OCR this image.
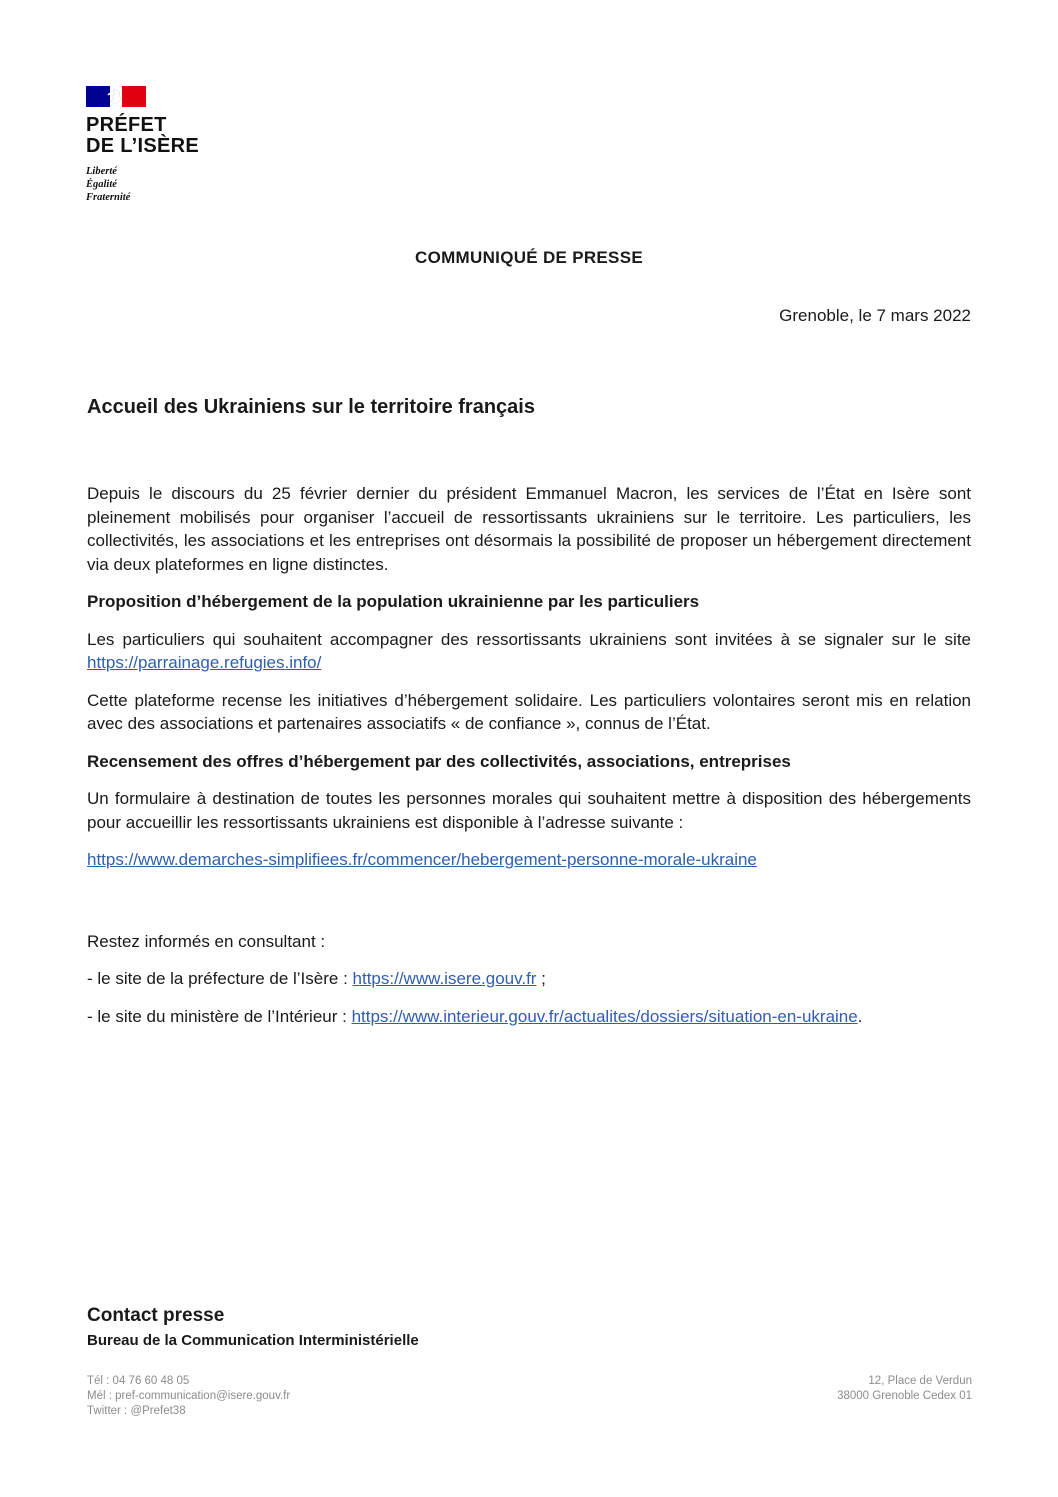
PRÉFET
DE L’ISÈRE
Liberté
Égalité
Fraternité
COMMUNIQUÉ DE PRESSE
Grenoble, le 7 mars 2022
Accueil des Ukrainiens sur le territoire français

Depuis le discours du 25 février dernier du président Emmanuel Macron, les services de l’État en Isère sont pleinement mobilisés pour organiser l’accueil de ressortissants ukrainiens sur le territoire. Les particuliers, les collectivités, les associations et les entreprises ont désormais la possibilité de proposer un hébergement directement via deux plateformes en ligne distinctes.

Proposition d’hébergement de la population ukrainienne par les particuliers

Les particuliers qui souhaitent accompagner des ressortissants ukrainiens sont invitées à se signaler sur le site https://parrainage.refugies.info/

Cette plateforme recense les initiatives d’hébergement solidaire. Les particuliers volontaires seront mis en relation avec des associations et partenaires associatifs « de confiance », connus de l’État.

Recensement des offres d’hébergement par des collectivités, associations, entreprises

Un formulaire à destination de toutes les personnes morales qui souhaitent mettre à disposition des hébergements pour accueillir les ressortissants ukrainiens est disponible à l’adresse suivante :

https://www.demarches-simplifiees.fr/commencer/hebergement-personne-morale-ukraine

Restez informés en consultant :

- le site de la préfecture de l’Isère : https://www.isere.gouv.fr ;

- le site du ministère de l’Intérieur : https://www.interieur.gouv.fr/actualites/dossiers/situation-en-ukraine.

Contact presse
Bureau de la Communication Interministérielle
Tél : 04 76 60 48 05
Mél : pref-communication@isere.gouv.fr
Twitter : @Prefet38
12, Place de Verdun
38000 Grenoble Cedex 01
